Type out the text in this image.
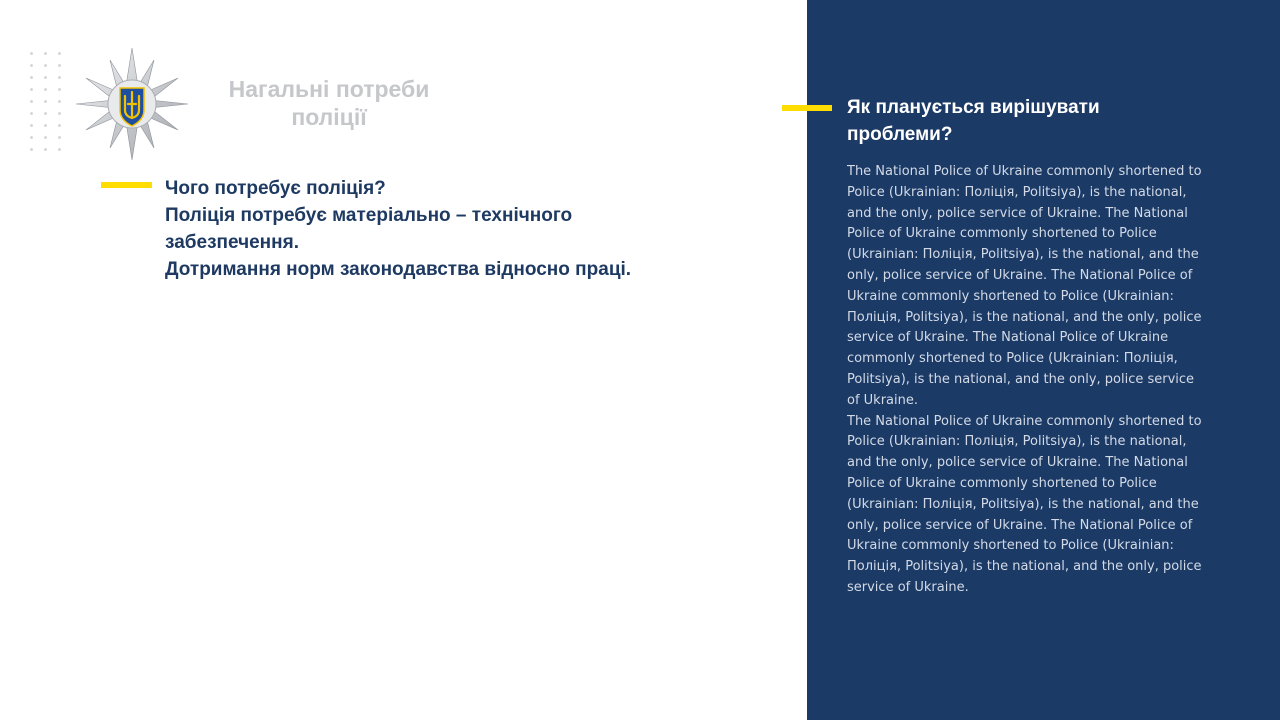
Нагальні потреби
поліції
Чого потребує поліція?
Поліція потребує матеріально – технічного
забезпечення.
Дотримання норм законодавства відносно праці.
Як планується вирішувати
проблеми?

The National Police of Ukraine commonly shortened to Police (Ukrainian: Поліція, Politsiya), is the national, and the only, police service of Ukraine. The National Police of Ukraine commonly shortened to Police (Ukrainian: Поліція, Politsiya), is the national, and the only, police service of Ukraine. The National Police of Ukraine commonly shortened to Police (Ukrainian: Поліція, Politsiya), is the national, and the only, police service of Ukraine. The National Police of Ukraine commonly shortened to Police (Ukrainian: Поліція, Politsiya), is the national, and the only, police service of Ukraine.

The National Police of Ukraine commonly shortened to Police (Ukrainian: Поліція, Politsiya), is the national, and the only, police service of Ukraine. The National Police of Ukraine commonly shortened to Police (Ukrainian: Поліція, Politsiya), is the national, and the only, police service of Ukraine. The National Police of Ukraine commonly shortened to Police (Ukrainian: Поліція, Politsiya), is the national, and the only, police service of Ukraine.
